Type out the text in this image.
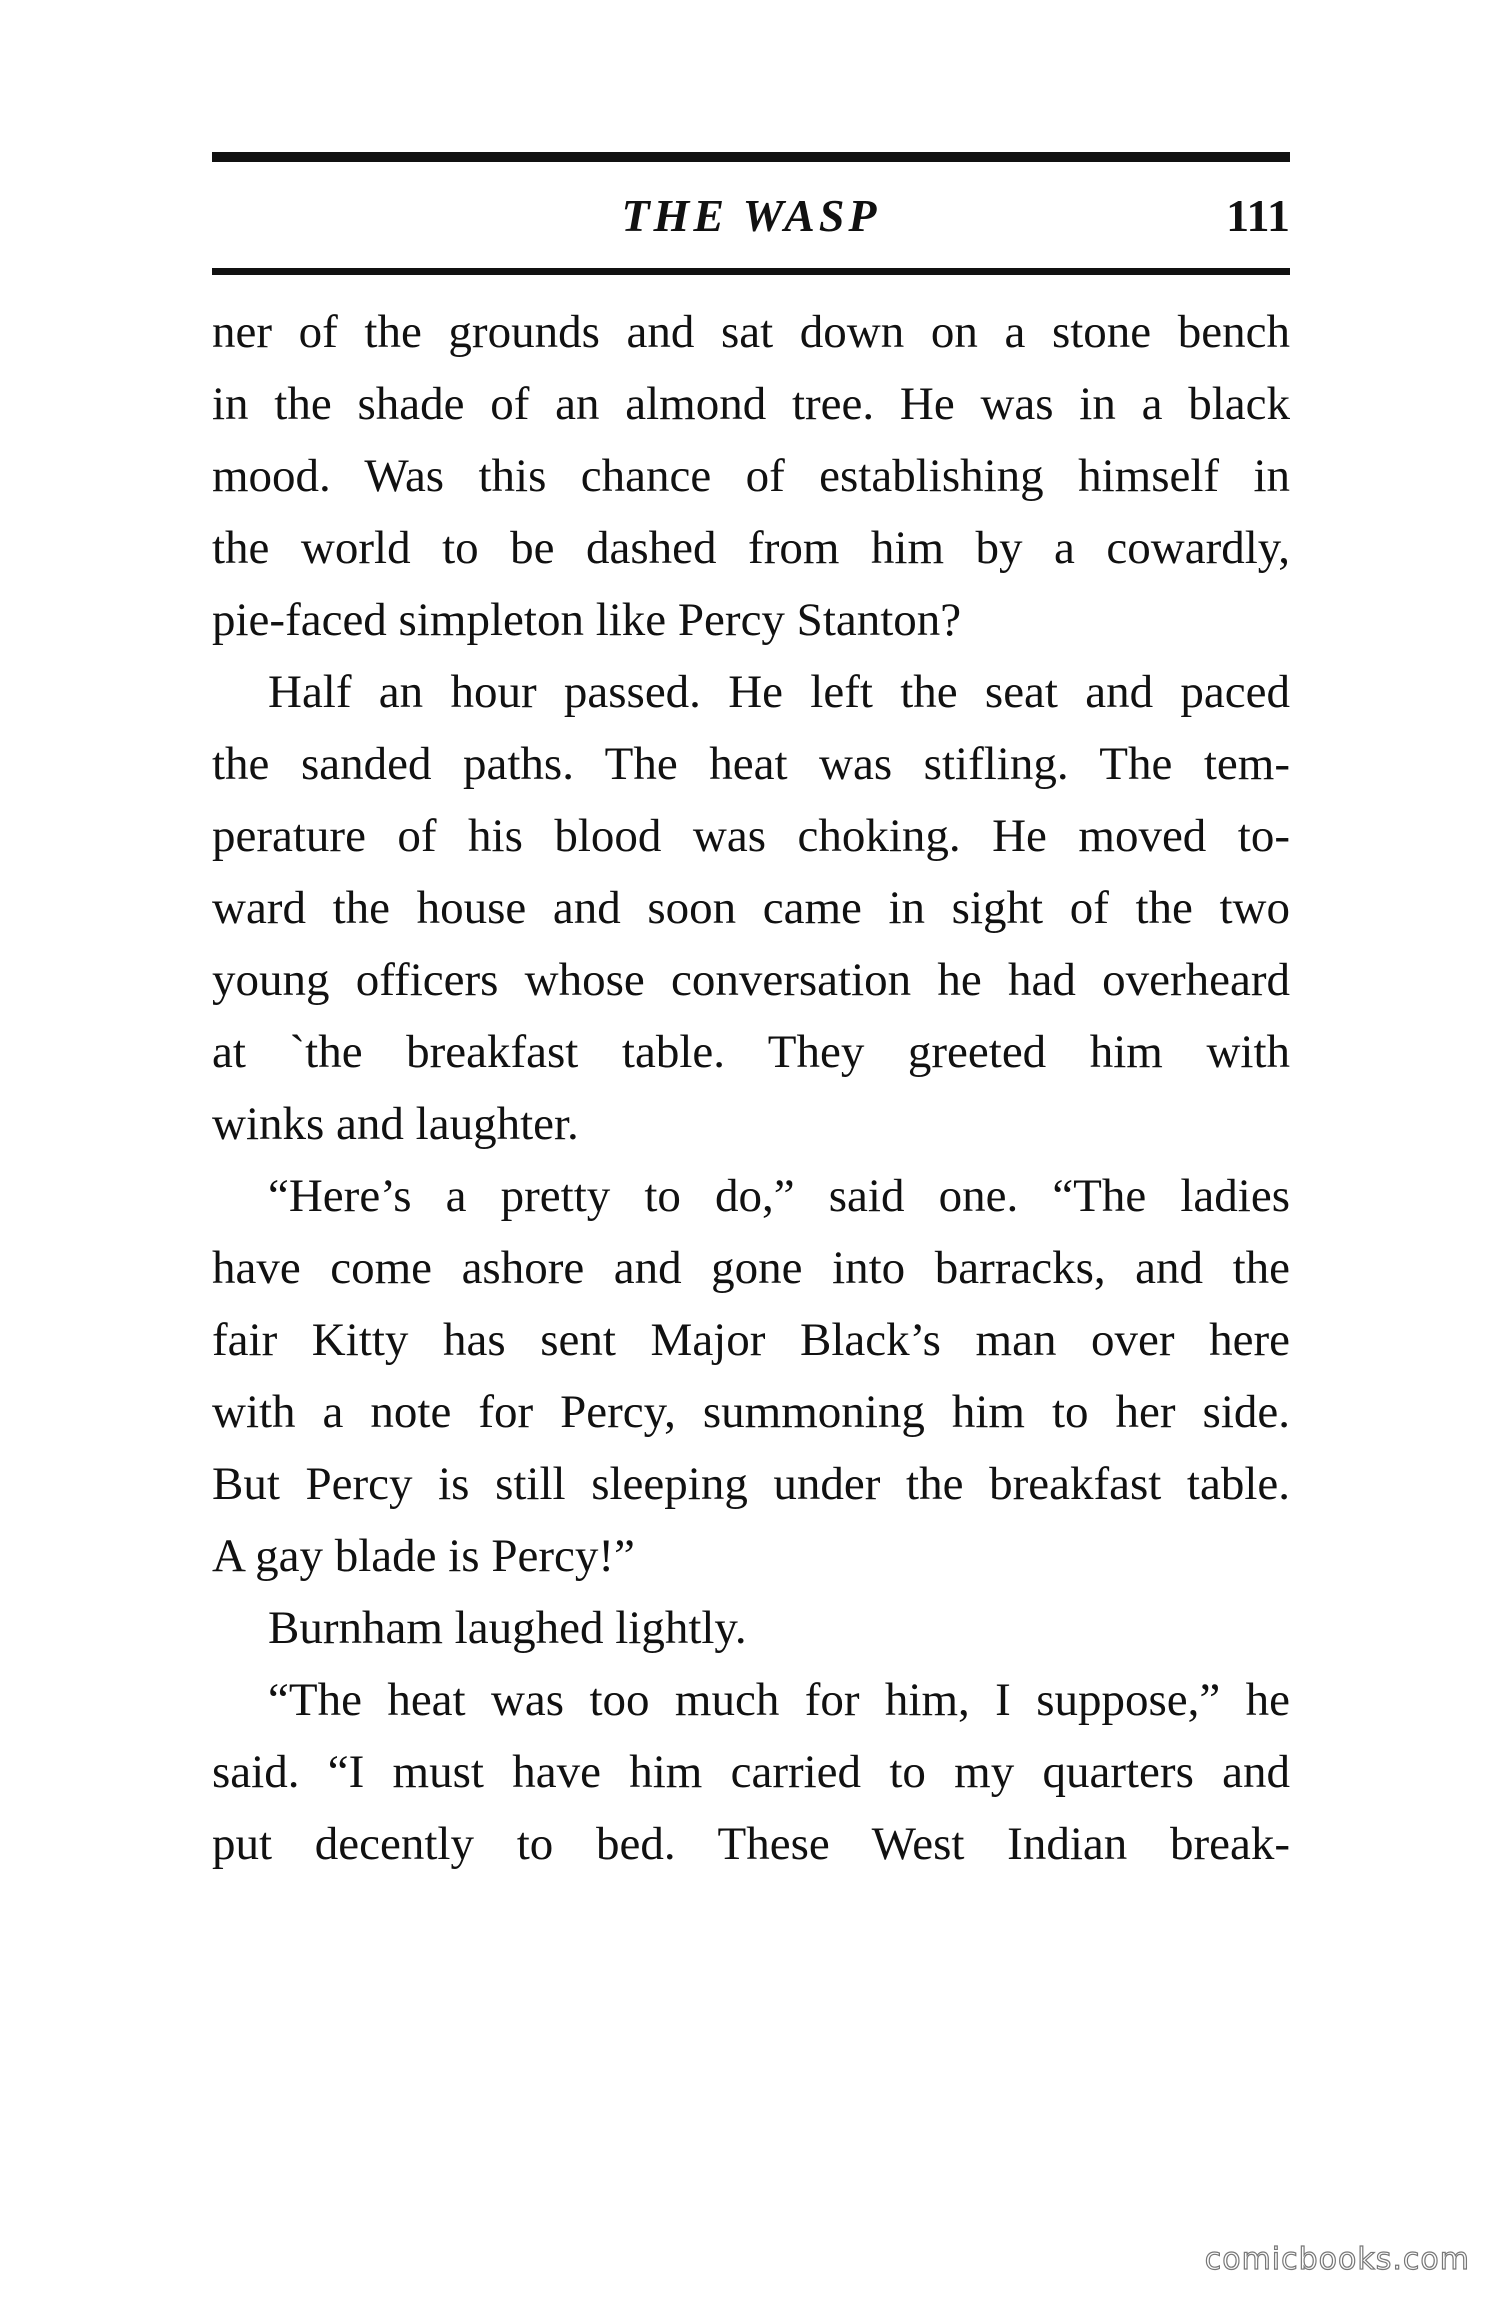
THE WASP	111
ner of the grounds and sat down on a stone bench
in the shade of an almond tree. He was in a black
mood. Was this chance of establishing himself in
the world to be dashed from him by a cowardly,
pie-faced simpleton like Percy Stanton?
Half an hour passed. He left the seat and paced
the sanded paths. The heat was stifling. The tem-
perature of his blood was choking. He moved to-
ward the house and soon came in sight of the two
young officers whose conversation he had overheard
at `the breakfast table. They greeted him with
winks and laughter.
“Here’s a pretty to do,” said one. “The ladies
have come ashore and gone into barracks, and the
fair Kitty has sent Major Black’s man over here
with a note for Percy, summoning him to her side.
But Percy is still sleeping under the breakfast table.
A gay blade is Percy!”
Burnham laughed lightly.
“The heat was too much for him, I suppose,” he
said. “I must have him carried to my quarters and
put decently to bed. These West Indian break-
comicbooks.com
